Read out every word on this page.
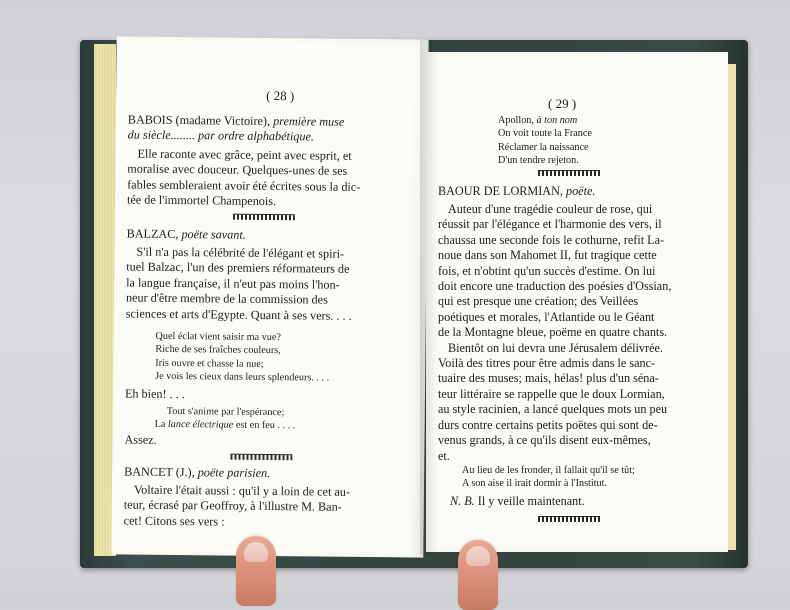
( 28 )
BABOIS (madame Victoire), première muse
du siècle........ par ordre alphabétique.
Elle raconte avec grâce, peint avec esprit, et
moralise avec douceur. Quelques-unes de ses
fables sembleraient avoir été écrites sous la dic-
tée de l'immortel Champenois.
BALZAC, poëte savant.
S'il n'a pas la célébrité de l'élégant et spiri-
tuel Balzac, l'un des premiers réformateurs de
la langue française, il n'eut pas moins l'hon-
neur d'être membre de la commission des
sciences et arts d'Egypte. Quant à ses vers. . . .
Quel éclat vient saisir ma vue?
Riche de ses fraîches couleurs,
Iris ouvre et chasse la nue;
Je vois les cieux dans leurs splendeurs. . . .
Eh bien! . . .
Tout s'anime par l'espérance;
La lance électrique est en feu . . . .
Assez.
BANCET (J.), poëte parisien.
Voltaire l'était aussi : qu'il y a loin de cet au-
teur, écrasé par Geoffroy, à l'illustre M. Ban-
cet! Citons ses vers :
( 29 )
Apollon, à ton nom
On voit toute la France
Réclamer la naissance
D'un tendre rejeton.
BAOUR DE LORMIAN, poëte.
Auteur d'une tragédie couleur de rose, qui
réussit par l'élégance et l'harmonie des vers, il
chaussa une seconde fois le cothurne, refit La-
noue dans son Mahomet II, fut tragique cette
fois, et n'obtint qu'un succès d'estime. On lui
doit encore une traduction des poésies d'Ossian,
qui est presque une création; des Veillées
poétiques et morales, l'Atlantide ou le Géant
de la Montagne bleue, poëme en quatre chants.
Bientôt on lui devra une Jérusalem délivrée.
Voilà des titres pour être admis dans le sanc-
tuaire des muses; mais, hélas! plus d'un séna-
teur littéraire se rappelle que le doux Lormian,
au style racinien, a lancé quelques mots un peu
durs contre certains petits poëtes qui sont de-
venus grands, à ce qu'ils disent eux-mêmes,
et.
Au lieu de les fronder, il fallait qu'il se tût;
A son aise il irait dormir à l'Institut.
N. B. Il y veille maintenant.
